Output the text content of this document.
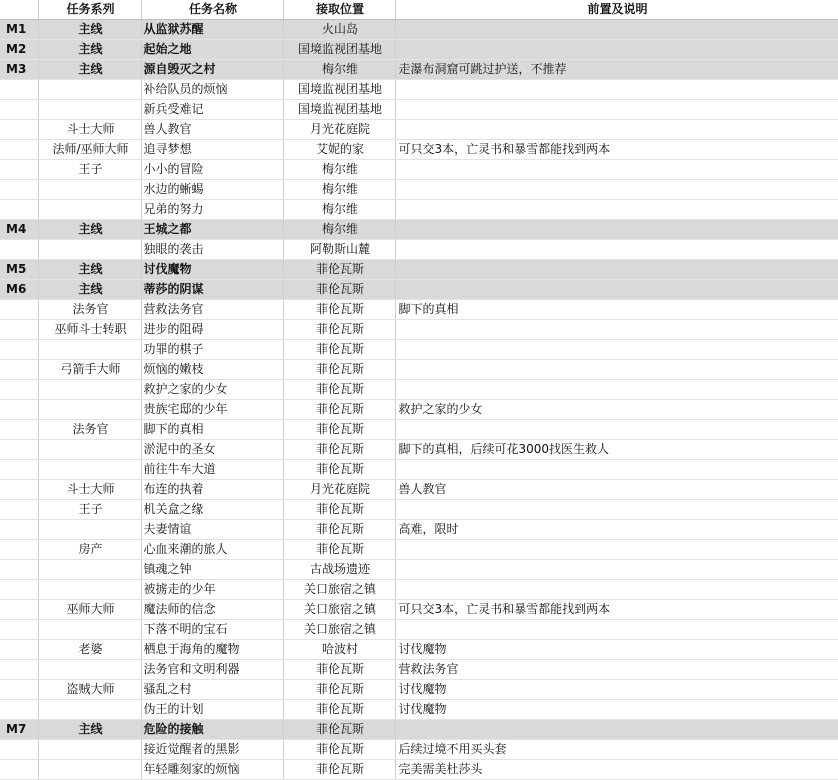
	任务系列	任务名称	接取位置	前置及说明
M1	主线	从监狱苏醒	火山岛	
M2	主线	起始之地	国境监视团基地	
M3	主线	源自毁灭之村	梅尔维	走瀑布洞窟可跳过护送，不推荐
		补给队员的烦恼	国境监视团基地	
		新兵受难记	国境监视团基地	
	斗士大师	兽人教官	月光花庭院	
	法师/巫师大师	追寻梦想	艾妮的家	可只交3本，亡灵书和暴雪都能找到两本
	王子	小小的冒险	梅尔维	
		水边的蜥蜴	梅尔维	
		兄弟的努力	梅尔维	
M4	主线	王城之都	梅尔维	
		独眼的袭击	阿勒斯山麓	
M5	主线	讨伐魔物	菲伦瓦斯	
M6	主线	蒂莎的阴谋	菲伦瓦斯	
	法务官	营救法务官	菲伦瓦斯	脚下的真相
	巫师斗士转职	进步的阻碍	菲伦瓦斯	
		功罪的棋子	菲伦瓦斯	
	弓箭手大师	烦恼的嫩枝	菲伦瓦斯	
		救护之家的少女	菲伦瓦斯	
		贵族宅邸的少年	菲伦瓦斯	救护之家的少女
	法务官	脚下的真相	菲伦瓦斯	
		淤泥中的圣女	菲伦瓦斯	脚下的真相，后续可花3000找医生救人
		前往牛车大道	菲伦瓦斯	
	斗士大师	布连的执着	月光花庭院	兽人教官
	王子	机关盒之缘	菲伦瓦斯	
		夫妻情谊	菲伦瓦斯	高难，限时
	房产	心血来潮的旅人	菲伦瓦斯	
		镇魂之钟	古战场遗迹	
		被掳走的少年	关口旅宿之镇	
	巫师大师	魔法师的信念	关口旅宿之镇	可只交3本，亡灵书和暴雪都能找到两本
		下落不明的宝石	关口旅宿之镇	
	老婆	栖息于海角的魔物	哈波村	讨伐魔物
		法务官和文明利器	菲伦瓦斯	营救法务官
	盗贼大师	骚乱之村	菲伦瓦斯	讨伐魔物
		伪王的计划	菲伦瓦斯	讨伐魔物
M7	主线	危险的接触	菲伦瓦斯	
		接近觉醒者的黑影	菲伦瓦斯	后续过境不用买头套
		年轻雕刻家的烦恼	菲伦瓦斯	完美需美杜莎头
